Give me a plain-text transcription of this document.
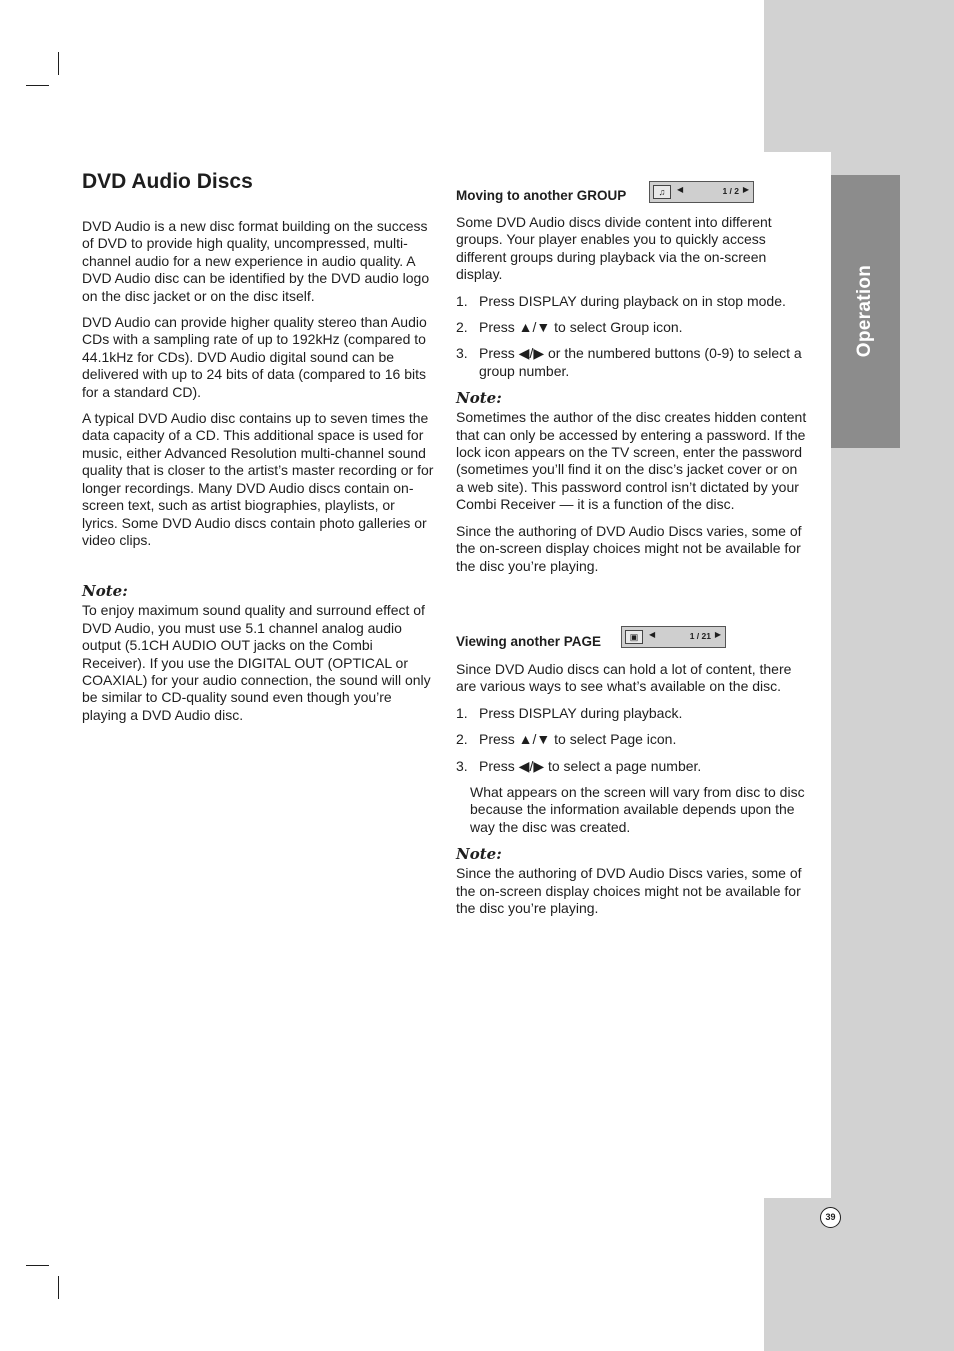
Operation
39
DVD Audio Discs

DVD Audio is a new disc format building on the success of DVD to provide high quality, uncompressed, multi-channel audio for a new experience in audio quality. A DVD Audio disc can be identified by the DVD audio logo on the disc jacket or on the disc itself.

DVD Audio can provide higher quality stereo than Audio CDs with a sampling rate of up to 192kHz (compared to 44.1kHz for CDs). DVD Audio digital sound can be delivered with up to 24 bits of data (compared to 16 bits for a standard CD).

A typical DVD Audio disc contains up to seven times the data capacity of a CD. This additional space is used for music, either Advanced Resolution multi-channel sound quality that is closer to the artist’s master recording or for longer recordings. Many DVD Audio discs contain on-screen text, such as artist biographies, playlists, or lyrics. Some DVD Audio discs contain photo galleries or video clips.

Note:

To enjoy maximum sound quality and surround effect of DVD Audio, you must use 5.1 channel analog audio output (5.1CH AUDIO OUT jacks on the Combi Receiver). If you use the DIGITAL OUT (OPTICAL or COAXIAL) for your audio connection, the sound will only be similar to CD-quality sound even though you’re playing a DVD Audio disc.

Moving to another GROUP	♫	◀	1 / 2 ▶

Some DVD Audio discs divide content into different groups. Your player enables you to quickly access different groups during playback via the on-screen display.

1. Press DISPLAY during playback on in stop mode.
2. Press ▲/▼ to select Group icon.
3. Press ◀/▶ or the numbered buttons (0-9) to select a group number.
Note:

Sometimes the author of the disc creates hidden content that can only be accessed by entering a password. If the lock icon appears on the TV screen, enter the password (sometimes you’ll find it on the disc’s jacket cover or on a web site). This password control isn’t dictated by your Combi Receiver — it is a function of the disc.

Since the authoring of DVD Audio Discs varies, some of the on-screen display choices might not be available for the disc you’re playing.

Viewing another PAGE	▣	◀	1 / 21 ▶

Since DVD Audio discs can hold a lot of content, there are various ways to see what’s available on the disc.

1. Press DISPLAY during playback.
2. Press ▲/▼ to select Page icon.
3. Press ◀/▶ to select a page number.

What appears on the screen will vary from disc to disc because the information available depends upon the way the disc was created.

Note:

Since the authoring of DVD Audio Discs varies, some of the on-screen display choices might not be available for the disc you’re playing.
